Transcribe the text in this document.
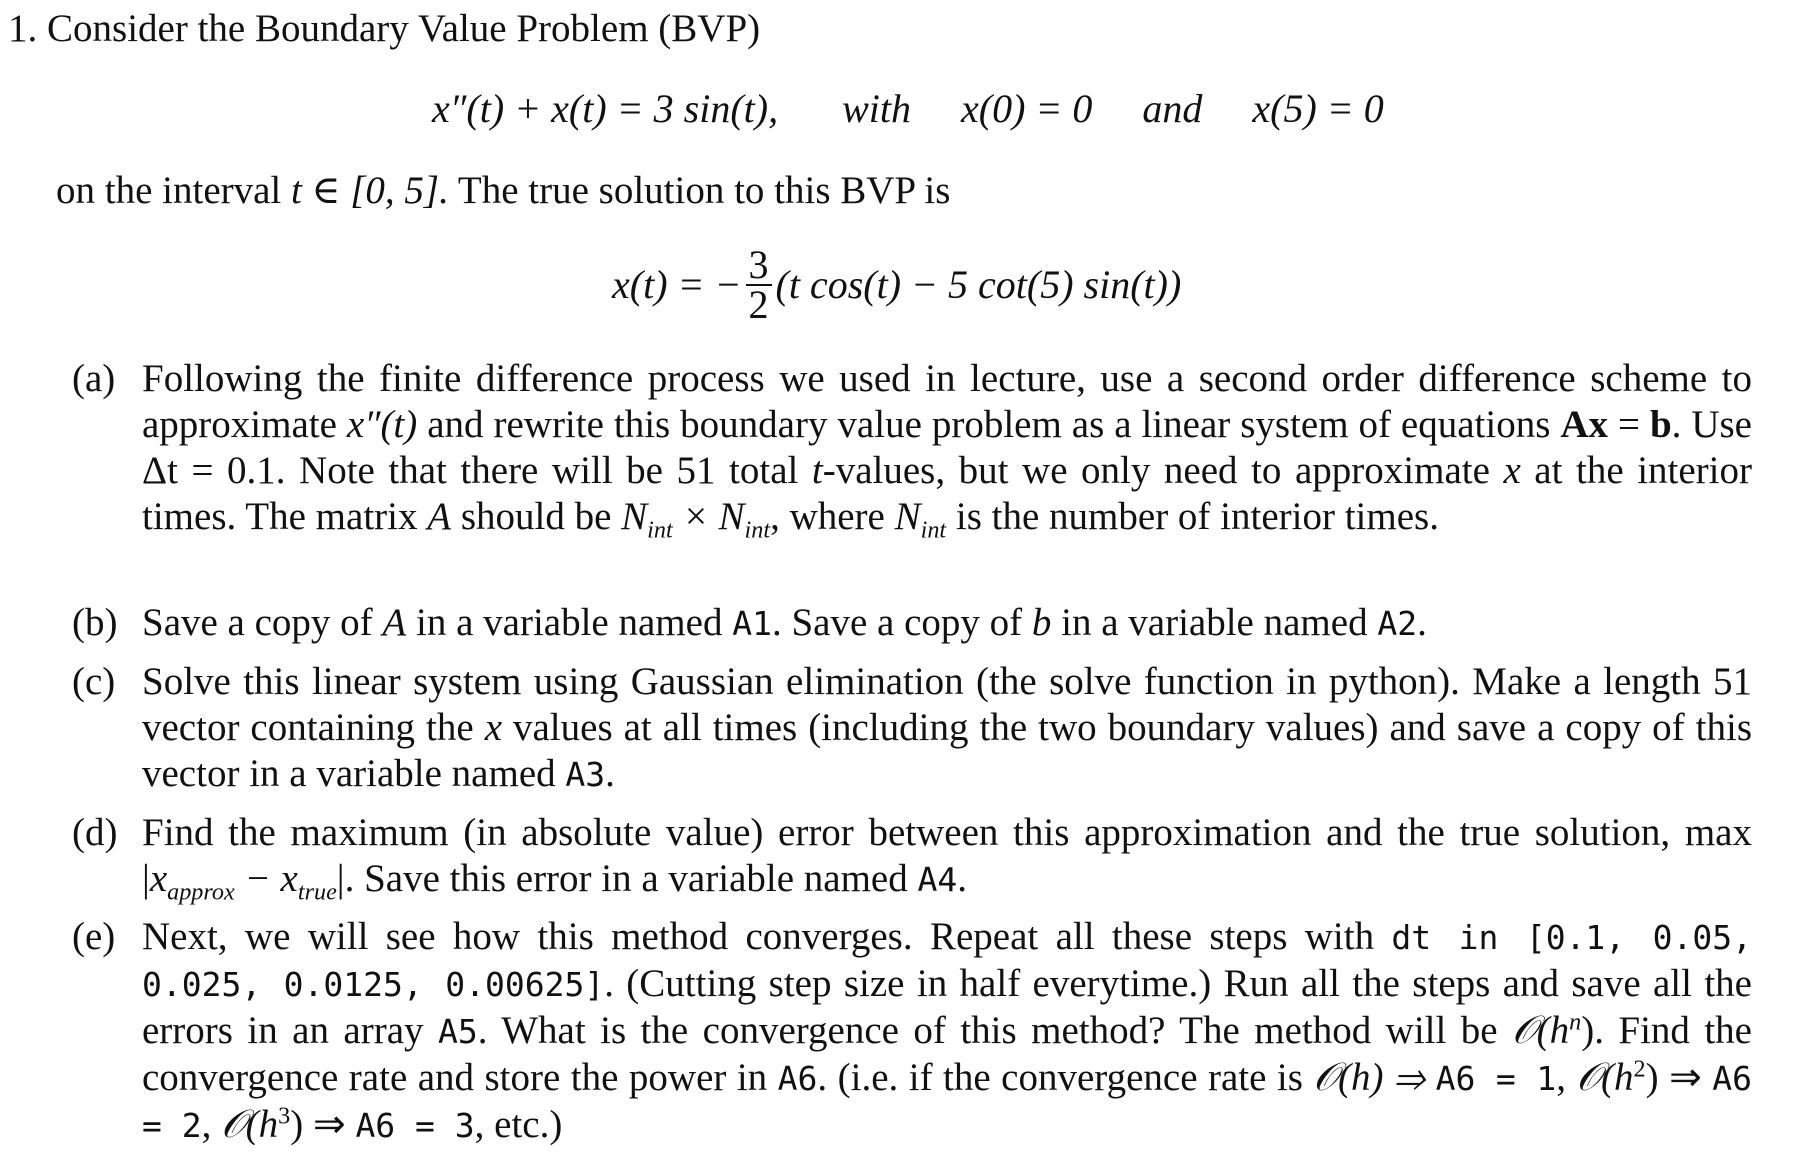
1. Consider the Boundary Value Problem (BVP)
x″(t) + x(t) = 3 sin(t), with x(0) = 0 and x(5) = 0
on the interval t ∈ [0, 5]. The true solution to this BVP is
x(t) = − $\frac{3}{2} (t$ cos(t) − 5 cot(5) sin(t))
(a) Following the finite difference process we used in lecture, use a second order difference scheme to approximate x″(t) and rewrite this boundary value problem as a linear system of equations Ax = b. Use Δt = 0.1. Note that there will be 51 total t-values, but we only need to approximate x at the interior times. The matrix A should be $N_{int} \times N_{int}$, where $N_{int}$ is the number of interior times.
(b) Save a copy of A in a variable named A1. Save a copy of b in a variable named A2.
(c) Solve this linear system using Gaussian elimination (the solve function in python). Make a length 51 vector containing the x values at all times (including the two boundary values) and save a copy of this vector in a variable named A3.
(d) Find the maximum (in absolute value) error between this approximation and the true solution, $\max |x_{approx} - x_{true}|$. Save this error in a variable named A4.
(e) Next, we will see how this method converges. Repeat all these steps with dt in [0.1, 0.05, 0.025, 0.0125, 0.00625]. (Cutting step size in half everytime.) Run all the steps and save all the errors in an array A5. What is the convergence of this method? The method will be $𝒪(h^n)$. Find the convergence rate and store the power in A6. (i.e. if the convergence rate is 𝒪(h) ⇒ A6 = 1, $𝒪(h^2)$ ⇒ A6 = 2, $𝒪(h^3)$ ⇒ A6 = 3, etc.)
